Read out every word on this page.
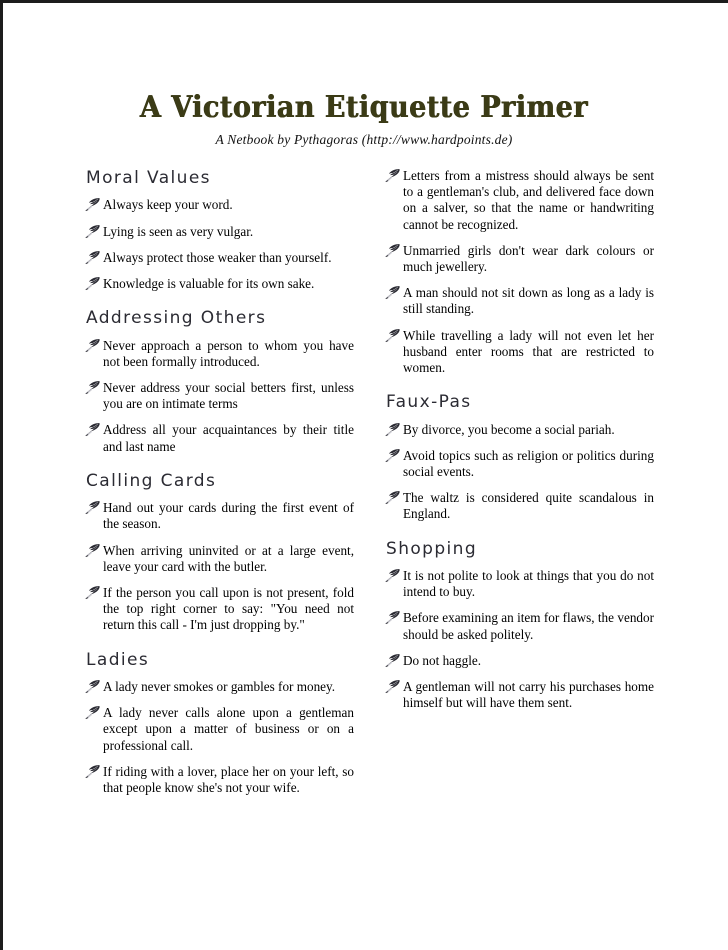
A Victorian Etiquette Primer

A Netbook by Pythagoras (http://www.hardpoints.de)

Moral Values
Always keep your word.
Lying is seen as very vulgar.
Always protect those weaker than yourself.
Knowledge is valuable for its own sake.
Addressing Others
Never approach a person to whom you have not been formally introduced.
Never address your social betters first, unless you are on intimate terms
Address all your acquaintances by their title and last name
Calling Cards
Hand out your cards during the first event of the season.
When arriving uninvited or at a large event, leave your card with the butler.
If the person you call upon is not present, fold the top right corner to say: "You need not return this call - I'm just dropping by."
Ladies
A lady never smokes or gambles for money.
A lady never calls alone upon a gentleman except upon a matter of business or on a professional call.
If riding with a lover, place her on your left, so that people know she's not your wife.
Letters from a mistress should always be sent to a gentleman's club, and delivered face down on a salver, so that the name or handwriting cannot be recognized.
Unmarried girls don't wear dark colours or much jewellery.
A man should not sit down as long as a lady is still standing.
While travelling a lady will not even let her husband enter rooms that are restricted to women.
Faux-Pas
By divorce, you become a social pariah.
Avoid topics such as religion or politics during social events.
The waltz is considered quite scandalous in England.
Shopping
It is not polite to look at things that you do not intend to buy.
Before examining an item for flaws, the vendor should be asked politely.
Do not haggle.
A gentleman will not carry his purchases home himself but will have them sent.
